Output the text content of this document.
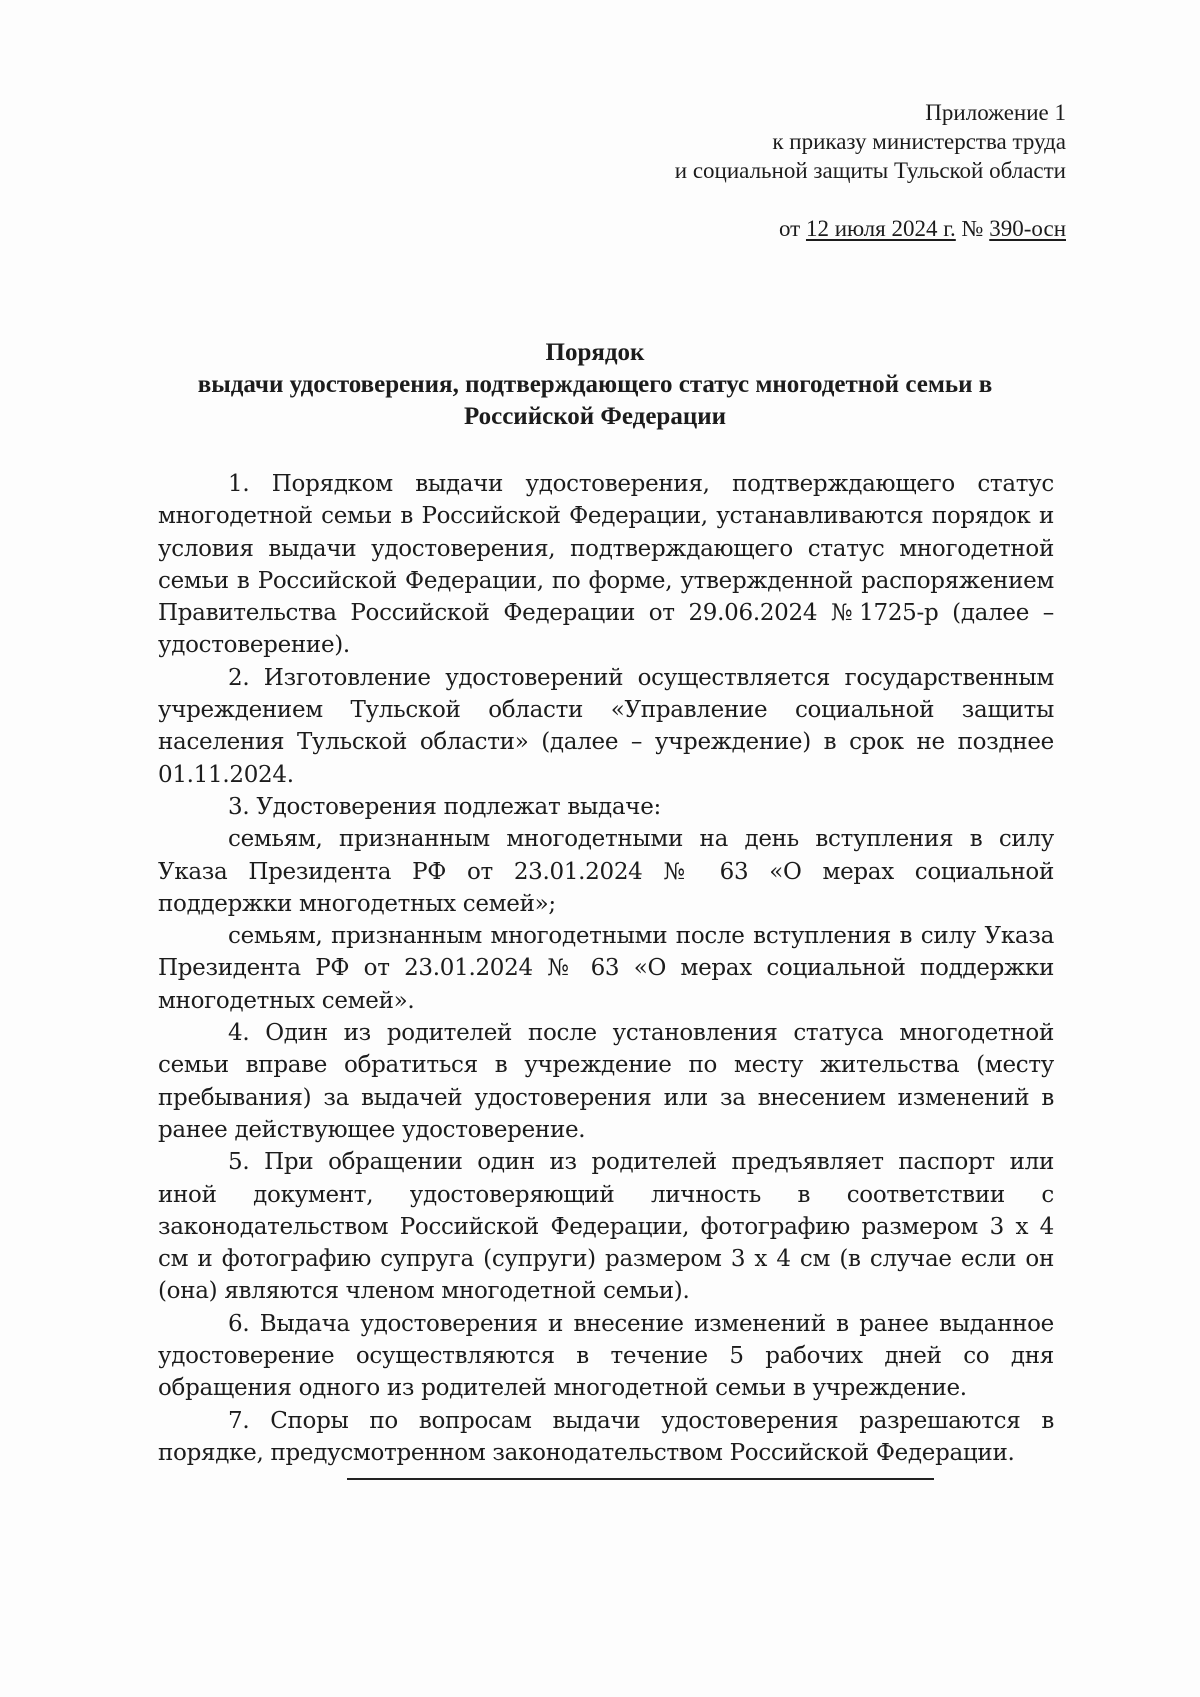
Приложение 1
к приказу министерства труда
и социальной защиты Тульской области
от 12 июля 2024 г. № 390-осн
Порядок
выдачи удостоверения, подтверждающего статус многодетной семьи в
Российской Федерации

1. Порядком выдачи удостоверения, подтверждающего статус многодетной семьи в Российской Федерации, устанавливаются порядок и условия выдачи удостоверения, подтверждающего статус многодетной семьи в Российской Федерации, по форме, утвержденной распоряжением Правительства Российской Федерации от 29.06.2024 №1725-р (далее – удостоверение).

2. Изготовление удостоверений осуществляется государственным учреждением Тульской области «Управление социальной защиты населения Тульской области» (далее – учреждение) в срок не позднее 01.11.2024.

3. Удостоверения подлежат выдаче:

семьям, признанным многодетными на день вступления в силу Указа Президента РФ от 23.01.2024 № 63 «О мерах социальной поддержки многодетных семей»;

семьям, признанным многодетными после вступления в силу Указа Президента РФ от 23.01.2024 № 63 «О мерах социальной поддержки многодетных семей».

4. Один из родителей после установления статуса многодетной семьи вправе обратиться в учреждение по месту жительства (месту пребывания) за выдачей удостоверения или за внесением изменений в ранее действующее удостоверение.

5. При обращении один из родителей предъявляет паспорт или иной документ, удостоверяющий личность в соответствии с законодательством Российской Федерации, фотографию размером 3 x 4 см и фотографию супруга (супруги) размером 3 x 4 см (в случае если он (она) являются членом многодетной семьи).

6. Выдача удостоверения и внесение изменений в ранее выданное удостоверение осуществляются в течение 5 рабочих дней со дня обращения одного из родителей многодетной семьи в учреждение.

7. Споры по вопросам выдачи удостоверения разрешаются в порядке, предусмотренном законодательством Российской Федерации.
